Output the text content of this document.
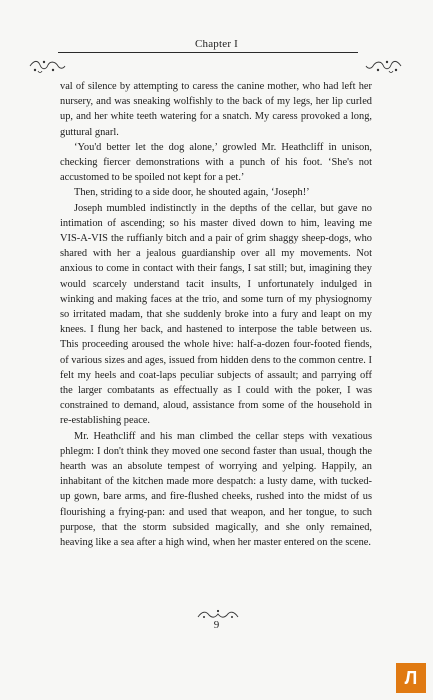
Chapter I

val of silence by attempting to caress the canine mother, who had left her nursery, and was sneaking wolfishly to the back of my legs, her lip curled up, and her white teeth watering for a snatch. My caress provoked a long, guttural gnarl.

‘You'd better let the dog alone,’ growled Mr. Heathcliff in unison, checking fiercer demonstrations with a punch of his foot. ‘She's not accustomed to be spoiled not kept for a pet.’

Then, striding to a side door, he shouted again, ‘Joseph!’

Joseph mumbled indistinctly in the depths of the cellar, but gave no intimation of ascending; so his master dived down to him, leaving me VIS-A-VIS the ruffianly bitch and a pair of grim shaggy sheep-dogs, who shared with her a jealous guardianship over all my movements. Not anxious to come in contact with their fangs, I sat still; but, imagining they would scarcely understand tacit insults, I unfortunately indulged in winking and making faces at the trio, and some turn of my physiognomy so irritated madam, that she suddenly broke into a fury and leapt on my knees. I flung her back, and hastened to interpose the table between us. This proceeding aroused the whole hive: half-a-dozen four-footed fiends, of various sizes and ages, issued from hidden dens to the common centre. I felt my heels and coat-laps peculiar subjects of assault; and parrying off the larger combatants as effectually as I could with the poker, I was constrained to demand, aloud, assistance from some of the household in re-establishing peace.

Mr. Heathcliff and his man climbed the cellar steps with vexatious phlegm: I don't think they moved one second faster than usual, though the hearth was an absolute tempest of worrying and yelping. Happily, an inhabitant of the kitchen made more despatch: a lusty dame, with tucked-up gown, bare arms, and fire-flushed cheeks, rushed into the midst of us flourishing a frying-pan: and used that weapon, and her tongue, to such purpose, that the storm subsided magically, and she only remained, heaving like a sea after a high wind, when her master entered on the scene.

9
Л
